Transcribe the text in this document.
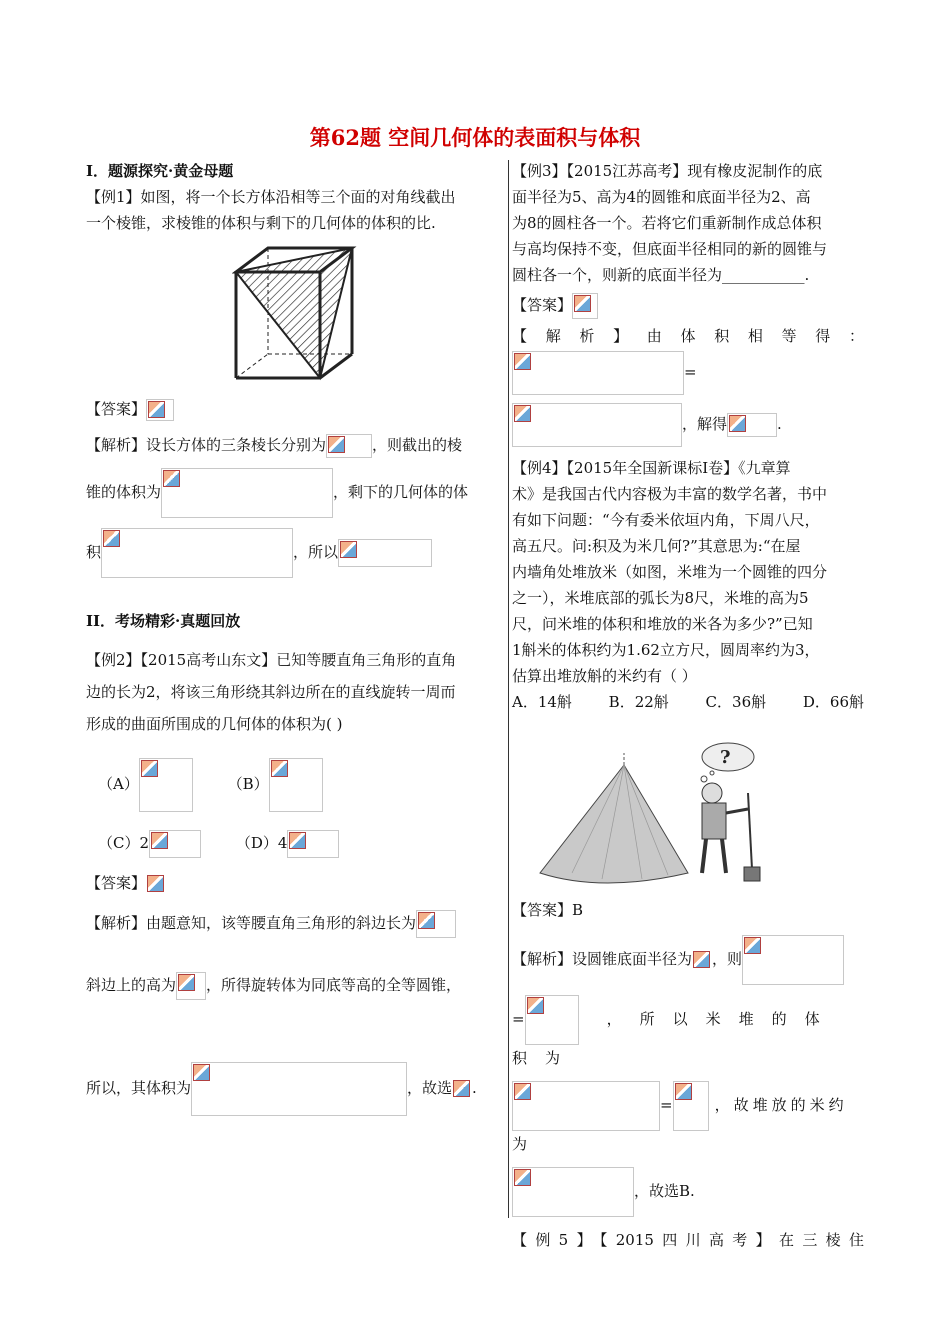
第62题 空间几何体的表面积与体积
I．题源探究·黄金母题
【例1】如图，将一个长方体沿相等三个面的对角线截出
一个棱锥，求棱锥的体积与剩下的几何体的体积的比.
【答案】
【解析】设长方体的三条棱长分别为	，则截出的棱
锥的体积为	，剩下的几何体的体
积	，所以
II．考场精彩·真题回放
【例2】【2015高考山东文】已知等腰直角三角形的直角
边的长为2，将该三角形绕其斜边所在的直线旋转一周而
形成的曲面所围成的几何体的体积为( )
（A）	（B）
（C）2	（D）4
【答案】
【解析】由题意知，该等腰直角三角形的斜边长为
斜边上的高为 ，所得旋转体为同底等高的全等圆锥，
所以，其体积为	，故选 .
【例3】【2015江苏高考】现有橡皮泥制作的底
面半径为5、高为4的圆锥和底面半径为2、高
为8的圆柱各一个。若将它们重新制作成总体积
与高均保持不变，但底面半径相同的新的圆锥与
圆柱各一个，则新的底面半径为___________.
【答案】
【解析】由体积相等得：
=
，解得	.
【例4】【2015年全国新课标I卷】《九章算
术》是我国古代内容极为丰富的数学名著，书中
有如下问题：“今有委米依垣内角，下周八尺，
高五尺。问:积及为米几何?”其意思为:“在屋
内墙角处堆放米（如图，米堆为一个圆锥的四分
之一），米堆底部的弧长为8尺，米堆的高为5
尺，问米堆的体积和堆放的米各为多少?”已知
1斛米的体积约为1.62立方尺，圆周率约为3，
估算出堆放斛的米约有（ ）
A．14斛 B．22斛 C．36斛 D．66斛
?
【答案】B
【解析】设圆锥底面半径为 ，则
=	，所以米堆的体积为
=	，故堆放的米约为
，故选B.
【例5】【2015四川高考】在三棱住
